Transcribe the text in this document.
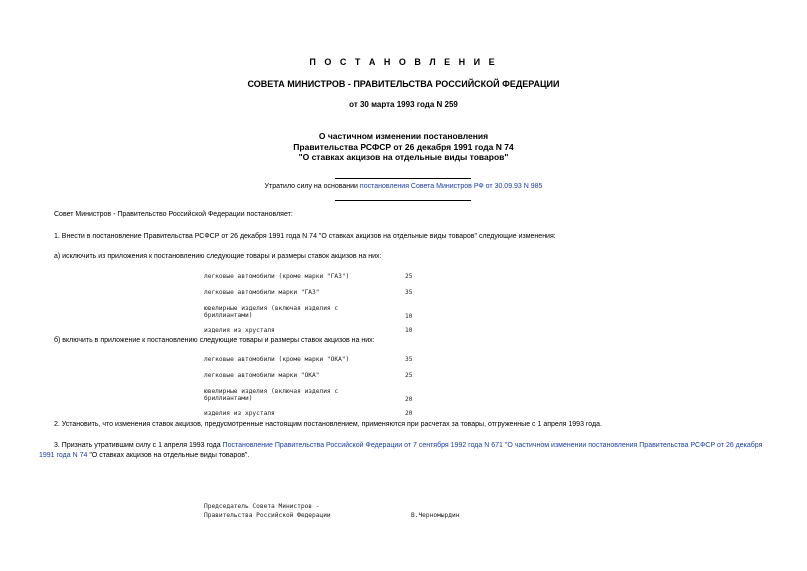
П О С Т А Н О В Л Е Н И Е
СОВЕТА МИНИСТРОВ - ПРАВИТЕЛЬСТВА РОССИЙСКОЙ ФЕДЕРАЦИИ
от 30 марта 1993 года N 259
О частичном изменении постановления
Правительства РСФСР от 26 декабря 1991 года N 74
"О ставках акцизов на отдельные виды товаров"
Утратило силу на основании постановления Совета Министров РФ от 30.09.93 N 985
Совет Министров - Правительство Российской Федерации постановляет:
1. Внести в постановление Правительства РСФСР от 26 декабря 1991 года N 74 "О ставках акцизов на отдельные виды товаров" следующие изменения:
а) исключить из приложения к постановлению следующие товары и размеры ставок акцизов на них:
легковые автомобили (кроме марки "ГАЗ")	25
легковые автомобили марки "ГАЗ"	35
ювелирные изделия (включая изделия с
бриллиантами)	10
изделия из хрусталя	10
б) включить в приложение к постановлению следующие товары и размеры ставок акцизов на них:
легковые автомобили (кроме марки "ОКА")	35
легковые автомобили марки "ОКА"	25
ювелирные изделия (включая изделия с
бриллиантами)	20
изделия из хрусталя	20
2. Установить, что изменения ставок акцизов, предусмотренные настоящим постановлением, применяются при расчетах за товары, отгруженные с 1 апреля 1993 года.
3. Признать утратившим силу с 1 апреля 1993 года Постановление Правительства Российской Федерации от 7 сентября 1992 года N 671 "О частичном изменении постановления Правительства РСФСР от 26 декабря 1991 года N 74 "О ставках акцизов на отдельные виды товаров".
Председатель Совета Министров -
Правительства Российской Федерации	В.Черномырдин
